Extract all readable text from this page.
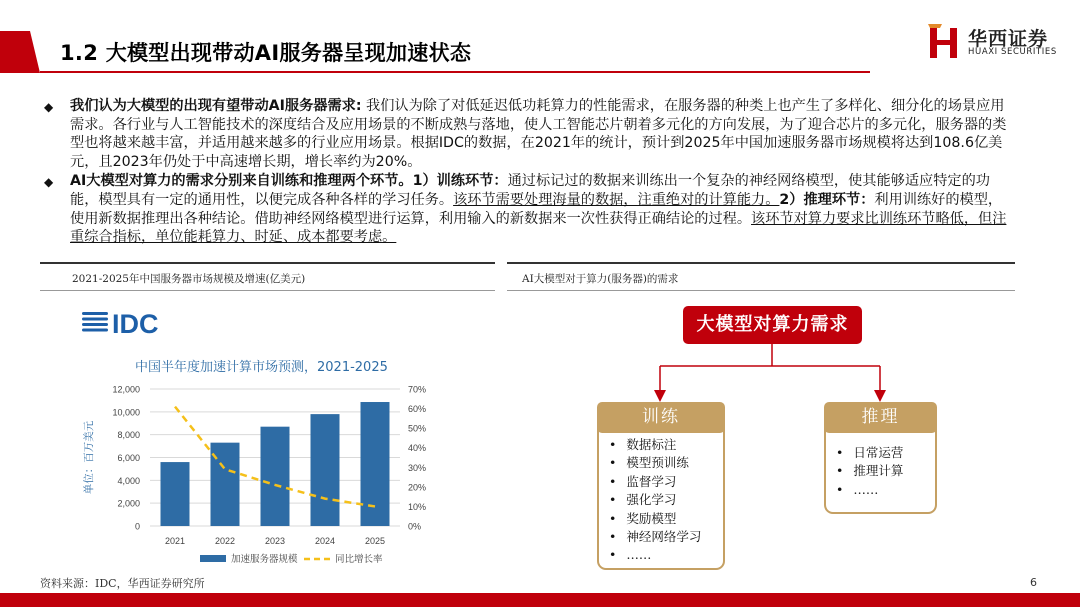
1.2 大模型出现带动AI服务器呈现加速状态
华西证券
HUAXI SECURITIES
◆ 我们认为大模型的出现有望带动AI服务器需求: 我们认为除了对低延迟低功耗算力的性能需求，在服务器的种类上也产生了多样化、细分化的场景应用需求。各行业与人工智能技术的深度结合及应用场景的不断成熟与落地，使人工智能芯片朝着多元化的方向发展，为了迎合芯片的多元化，服务器的类型也将越来越丰富，并适用越来越多的行业应用场景。根据IDC的数据，在2021年的统计，预计到2025年中国加速服务器市场规模将达到108.6亿美元，且2023年仍处于中高速增长期，增长率约为20%。
◆ AI大模型对算力的需求分别来自训练和推理两个环节。1）训练环节：通过标记过的数据来训练出一个复杂的神经网络模型，使其能够适应特定的功能，模型具有一定的通用性，以便完成各种各样的学习任务。该环节需要处理海量的数据，注重绝对的计算能力。2）推理环节：利用训练好的模型，使用新数据推理出各种结论。借助神经网络模型进行运算，利用输入的新数据来一次性获得正确结论的过程。该环节对算力要求比训练环节略低，但注重综合指标，单位能耗算力、时延、成本都要考虑。
2021-2025年中国服务器市场规模及增速(亿美元)
IDC
中国半年度加速计算市场预测，2021-2025
0
2,000
4,000
6,000
8,000
10,000
12,000
0%
10%
20%
30%
40%
50%
60%
70%
单位：百万美元
2021	2022	2023	2024	2025
加速服务器规模	同比增长率
AI大模型对于算力(服务器)的需求
大模型对算力需求
• 数据标注
• 模型预训练
• 监督学习
• 强化学习
• 奖励模型
• 神经网络学习
• ……
训练
• 日常运营
• 推理计算
• ……
推理
资料来源：IDC，华西证券研究所	6
